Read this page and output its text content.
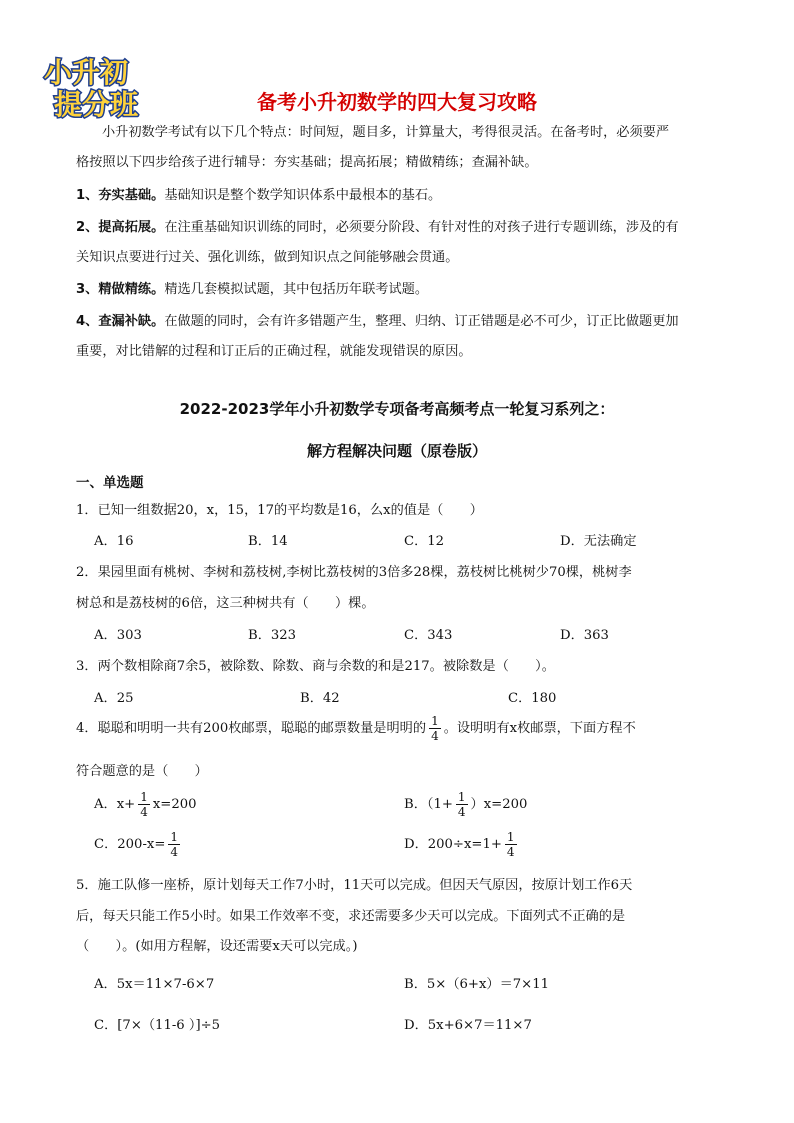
小升初
提分班	备考小升初数学的四大复习攻略
小升初数学考试有以下几个特点：时间短，题目多，计算量大，考得很灵活。在备考时，必须要严
格按照以下四步给孩子进行辅导：夯实基础；提高拓展；精做精练；查漏补缺。
1、夯实基础。基础知识是整个数学知识体系中最根本的基石。
2、提高拓展。在注重基础知识训练的同时，必须要分阶段、有针对性的对孩子进行专题训练，涉及的有
关知识点要进行过关、强化训练，做到知识点之间能够融会贯通。
3、精做精练。精选几套模拟试题，其中包括历年联考试题。
4、查漏补缺。在做题的同时，会有许多错题产生，整理、归纳、订正错题是必不可少，订正比做题更加
重要，对比错解的过程和订正后的正确过程，就能发现错误的原因。
2022-2023学年小升初数学专项备考高频考点一轮复习系列之：
解方程解决问题（原卷版）
一、单选题
1．已知一组数据20，x，15，17的平均数是16，么x的值是（　　）
A．16	B．14	C．12	D．无法确定
2．果园里面有桃树、李树和荔枝树,李树比荔枝树的3倍多28棵，荔枝树比桃树少70棵，桃树李
树总和是荔枝树的6倍，这三种树共有（　　）棵。
A．303	B．323	C．343	D．363
3．两个数相除商7余5，被除数、除数、商与余数的和是217。被除数是（　　）。
A．25	B．42	C．180
4．聪聪和明明一共有200枚邮票，聪聪的邮票数量是明明的 $\frac{1}{4}$ 。设明明有x枚邮票，下面方程不
符合题意的是（　　）
A．$x+ \frac{1}{4} x=200$	B．$(1+ \frac{1}{4} )x=200$
C．$200-x= \frac{1}{4}$	D．$200\div x=1+ \frac{1}{4}$
5．施工队修一座桥，原计划每天工作7小时，11天可以完成。但因天气原因，按原计划工作6天
后，每天只能工作5小时。如果工作效率不变，求还需要多少天可以完成。下面列式不正确的是
（　　）。(如用方程解，设还需要x天可以完成。)
A．5x＝11×7-6×7	B．5×（6+x）＝7×11
C．[7×（11-6 ）]÷5	D．5x+6×7＝11×7
